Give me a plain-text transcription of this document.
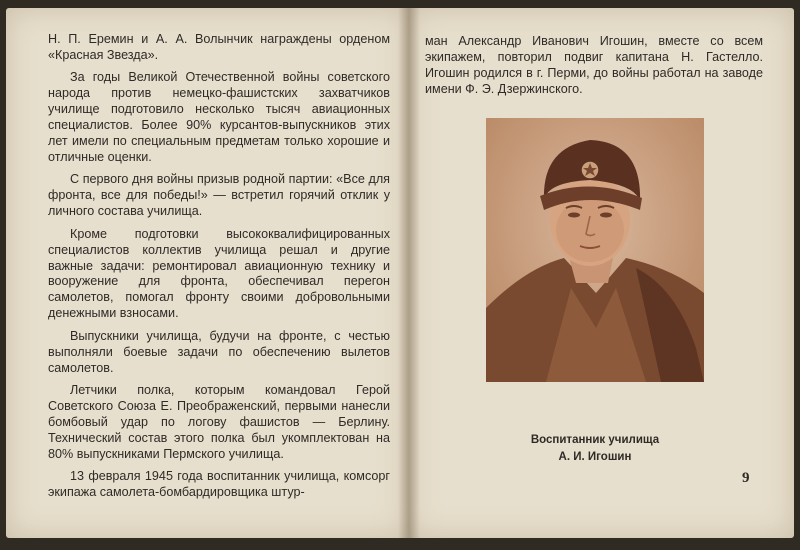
Н. П. Еремин и А. А. Волынчик награждены орденом «Красная Звезда».

За годы Великой Отечественной войны советского народа против немецко-фашистских захватчиков училище подготовило несколько тысяч авиационных специалистов. Более 90% курсантов-выпускников этих лет имели по специальным предметам только хорошие и отличные оценки.

С первого дня войны призыв родной партии: «Все для фронта, все для победы!» — встретил горячий отклик у личного состава училища.

Кроме подготовки высококвалифицированных специалистов коллектив училища решал и другие важные задачи: ремонтировал авиационную технику и вооружение для фронта, обеспечивал перегон самолетов, помогал фронту своими добровольными денежными взносами.

Выпускники училища, будучи на фронте, с честью выполняли боевые задачи по обеспечению вылетов самолетов.

Летчики полка, которым командовал Герой Советского Союза Е. Преображенский, первыми нанесли бомбовый удар по логову фашистов — Берлину. Технический состав этого полка был укомплектован на 80% выпускниками Пермского училища.

13 февраля 1945 года воспитанник училища, комсорг экипажа самолета-бомбардировщика штур-

ман Александр Иванович Игошин, вместе со всем экипажем, повторил подвиг капитана Н. Гастелло. Игошин родился в г. Перми, до войны работал на заводе имени Ф. Э. Дзержинского.

Воспитанник училища
А. И. Игошин
9
